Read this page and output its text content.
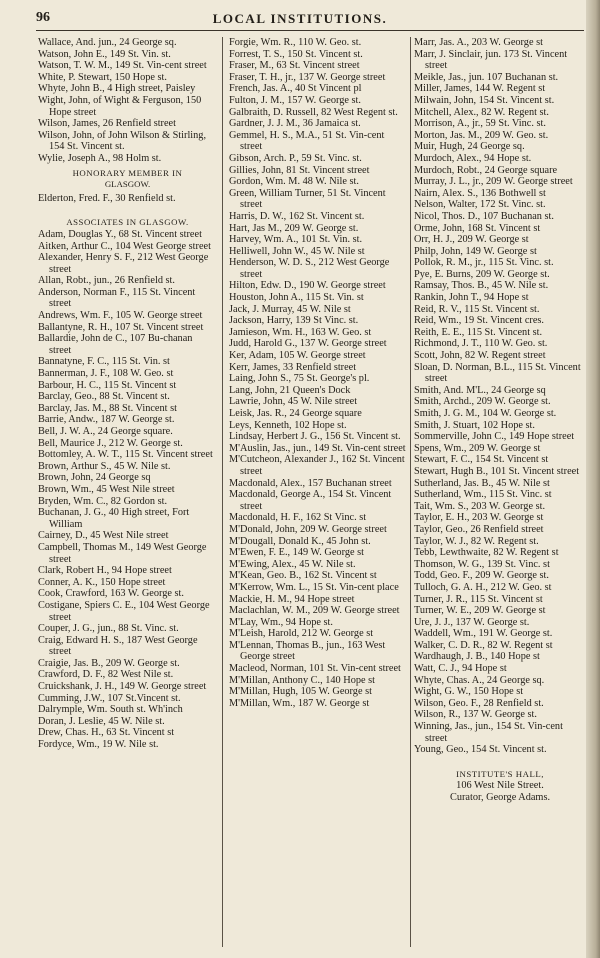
96	LOCAL INSTITUTIONS.
Wallace, And. jun., 24 George sq.
Watson, John E., 149 St. Vin. st.
Watson, T. W. M., 149 St. Vin-cent street
White, P. Stewart, 150 Hope st.
Whyte, John B., 4 High street, Paisley
Wight, John, of Wight & Ferguson, 150 Hope street
Wilson, James, 26 Renfield street
Wilson, John, of John Wilson & Stirling, 154 St. Vincent st.
Wylie, Joseph A., 98 Holm st.
HONORARY MEMBER IN
GLASGOW.
Elderton, Fred. F., 30 Renfield st.
ASSOCIATES IN GLASGOW.
Adam, Douglas Y., 68 St. Vincent street
Aitken, Arthur C., 104 West George street
Alexander, Henry S. F., 212 West George street
Allan, Robt., jun., 26 Renfield st.
Anderson, Norman F., 115 St. Vincent street
Andrews, Wm. F., 105 W. George street
Ballantyne, R. H., 107 St. Vincent street
Ballardie, John de C., 107 Bu-chanan street
Bannatyne, F. C., 115 St. Vin. st
Bannerman, J. F., 108 W. Geo. st
Barbour, H. C., 115 St. Vincent st
Barclay, Geo., 88 St. Vincent st.
Barclay, Jas. M., 88 St. Vincent st
Barrie, Andw., 187 W. George st.
Bell, J. W. A., 24 George square.
Bell, Maurice J., 212 W. George st.
Bottomley, A. W. T., 115 St. Vincent street
Brown, Arthur S., 45 W. Nile st.
Brown, John, 24 George sq
Brown, Wm., 45 West Nile street
Bryden, Wm. C., 82 Gordon st.
Buchanan, J. G., 40 High street, Fort William
Cairney, D., 45 West Nile street
Campbell, Thomas M., 149 West George street
Clark, Robert H., 94 Hope street
Conner, A. K., 150 Hope street
Cook, Crawford, 163 W. George st.
Costigane, Spiers C. E., 104 West George street
Couper, J. G., jun., 88 St. Vinc. st.
Craig, Edward H. S., 187 West George street
Craigie, Jas. B., 209 W. George st.
Crawford, D. F., 82 West Nile st.
Cruickshank, J. H., 149 W. George street
Cumming, J.W., 107 St.Vincent st.
Dalrymple, Wm. South st. Wh'inch
Doran, J. Leslie, 45 W. Nile st.
Drew, Chas. H., 63 St. Vincent st
Fordyce, Wm., 19 W. Nile st.
Forgie, Wm. R., 110 W. Geo. st.
Forrest, T. S., 150 St. Vincent st.
Fraser, M., 63 St. Vincent street
Fraser, T. H., jr., 137 W. George street
French, Jas. A., 40 St Vincent pl
Fulton, J. M., 157 W. George st.
Galbraith, D. Russell, 82 West Regent st.
Gardner, J. J. M., 36 Jamaica st.
Gemmel, H. S., M.A., 51 St. Vin-cent street
Gibson, Arch. P., 59 St. Vinc. st.
Gillies, John, 81 St. Vincent street
Gordon, Wm. M. 48 W. Nile st.
Green, William Turner, 51 St. Vincent street
Harris, D. W., 162 St. Vincent st.
Hart, Jas M., 209 W. George st.
Harvey, Wm. A., 101 St. Vin. st.
Helliwell, John W., 45 W. Nile st
Henderson, W. D. S., 212 West George street
Hilton, Edw. D., 190 W. George street
Houston, John A., 115 St. Vin. st
Jack, J. Murray, 45 W. Nile st
Jackson, Harry, 139 St Vinc. st.
Jamieson, Wm. H., 163 W. Geo. st
Judd, Harold G., 137 W. George street
Ker, Adam, 105 W. George street
Kerr, James, 33 Renfield street
Laing, John S., 75 St. George's pl.
Lang, John, 21 Queen's Dock
Lawrie, John, 45 W. Nile street
Leisk, Jas. R., 24 George square
Leys, Kenneth, 102 Hope st.
Lindsay, Herbert J. G., 156 St. Vincent st.
M'Auslin, Jas., jun., 149 St. Vin-cent street
M'Cutcheon, Alexander J., 162 St. Vincent street
Macdonald, Alex., 157 Buchanan street
Macdonald, George A., 154 St. Vincent street
Macdonald, H. F., 162 St Vinc. st
M'Donald, John, 209 W. George street
M'Dougall, Donald K., 45 John st.
M'Ewen, F. E., 149 W. George st
M'Ewing, Alex., 45 W. Nile st.
M'Kean, Geo. B., 162 St. Vincent st
M'Kerrow, Wm. L., 15 St. Vin-cent place
Mackie, H. M., 94 Hope street
Maclachlan, W. M., 209 W. George street
M'Lay, Wm., 94 Hope st.
M'Leish, Harold, 212 W. George st
M'Lennan, Thomas B., jun., 163 West George street
Macleod, Norman, 101 St. Vin-cent street
M'Millan, Anthony C., 140 Hope st
M'Millan, Hugh, 105 W. George st
M'Millan, Wm., 187 W. George st
Marr, Jas. A., 203 W. George st
Marr, J. Sinclair, jun. 173 St. Vincent street
Meikle, Jas., jun. 107 Buchanan st.
Miller, James, 144 W. Regent st
Milwain, John, 154 St. Vincent st.
Mitchell, Alex., 82 W. Regent st.
Morrison, A., jr., 59 St. Vinc. st.
Morton, Jas. M., 209 W. Geo. st.
Muir, Hugh, 24 George sq.
Murdoch, Alex., 94 Hope st.
Murdoch, Robt., 24 George square
Murray, J. L., jr., 209 W. George street
Nairn, Alex. S., 136 Bothwell st
Nelson, Walter, 172 St. Vinc. st.
Nicol, Thos. D., 107 Buchanan st.
Orme, John, 168 St. Vincent st
Orr, H. J., 209 W. George st
Philp, John, 149 W. George st
Pollok, R. M., jr., 115 St. Vinc. st.
Pye, E. Burns, 209 W. George st.
Ramsay, Thos. B., 45 W. Nile st.
Rankin, John T., 94 Hope st
Reid, R. V., 115 St. Vincent st.
Reid, Wm., 19 St. Vincent cres.
Reith, E. E., 115 St. Vincent st.
Richmond, J. T., 110 W. Geo. st.
Scott, John, 82 W. Regent street
Sloan, D. Norman, B.L., 115 St. Vincent street
Smith, And. M'L., 24 George sq
Smith, Archd., 209 W. George st.
Smith, J. G. M., 104 W. George st.
Smith, J. Stuart, 102 Hope st.
Sommerville, John C., 149 Hope street
Spens, Wm., 209 W. George st
Stewart, F. C., 154 St. Vincent st
Stewart, Hugh B., 101 St. Vincent street
Sutherland, Jas. B., 45 W. Nile st
Sutherland, Wm., 115 St. Vinc. st
Tait, Wm. S., 203 W. George st.
Taylor, E. H., 203 W. George st
Taylor, Geo., 26 Renfield street
Taylor, W. J., 82 W. Regent st.
Tebb, Lewthwaite, 82 W. Regent st
Thomson, W. G., 139 St. Vinc. st
Todd, Geo. F., 209 W. George st.
Tulloch, G. A. H., 212 W. Geo. st
Turner, J. R., 115 St. Vincent st
Turner, W. E., 209 W. George st
Ure, J. J., 137 W. George st.
Waddell, Wm., 191 W. George st.
Walker, C. D. R., 82 W. Regent st
Wardhaugh, J. B., 140 Hope st
Watt, C. J., 94 Hope st
Whyte, Chas. A., 24 George sq.
Wight, G. W., 150 Hope st
Wilson, Geo. F., 28 Renfield st.
Wilson, R., 137 W. George st.
Winning, Jas., jun., 154 St. Vin-cent street
Young, Geo., 154 St. Vincent st.
INSTITUTE'S HALL,
106 West Nile Street.
Curator, George Adams.
